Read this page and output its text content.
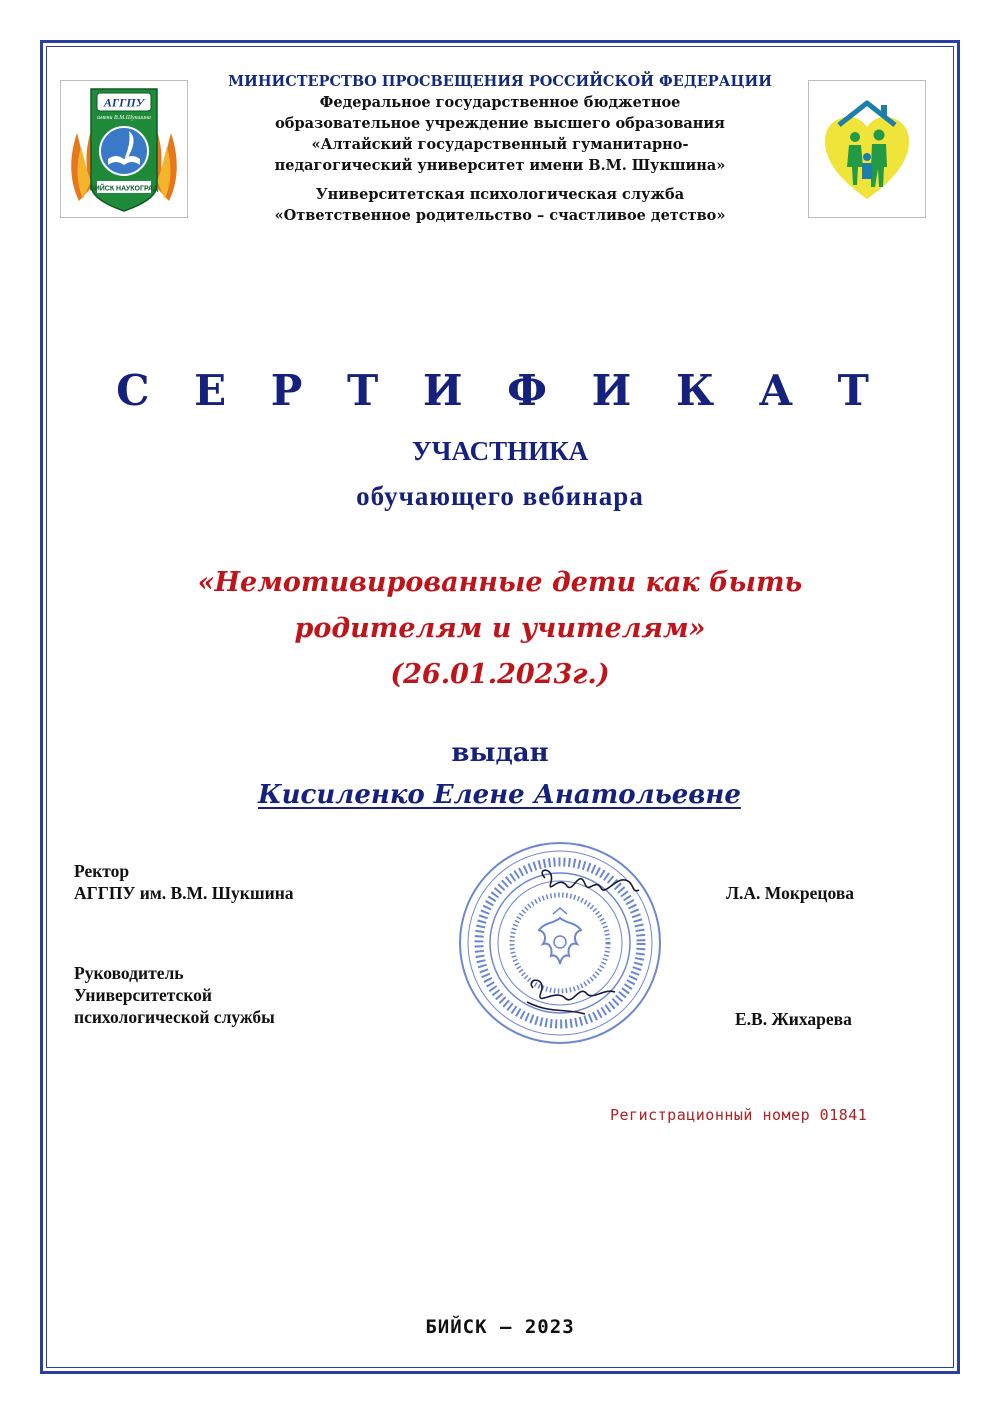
АГГПУ
имени В.М.Шукшина
БИЙСК НАУКОГРАД
МИНИСТЕРСТВО ПРОСВЕЩЕНИЯ РОССИЙСКОЙ ФЕДЕРАЦИИ
Федеральное государственное бюджетное
образовательное учреждение высшего образования
«Алтайский государственный гуманитарно-
педагогический университет имени В.М. Шукшина»
Университетская психологическая служба
«Ответственное родительство – счастливое детство»
С Е Р Т И Ф И К А Т
УЧАСТНИКА
обучающего вебинара
«Немотивированные дети как быть
родителям и учителям»
(26.01.2023г.)
выдан
Кисиленко Елене Анатольевне
Ректор
АГГПУ им. В.М. Шукшина	Л.А. Мокрецова
Руководитель
Университетской
психологической службы	Е.В. Жихарева
Регистрационный номер 01841
БИЙСК – 2023
